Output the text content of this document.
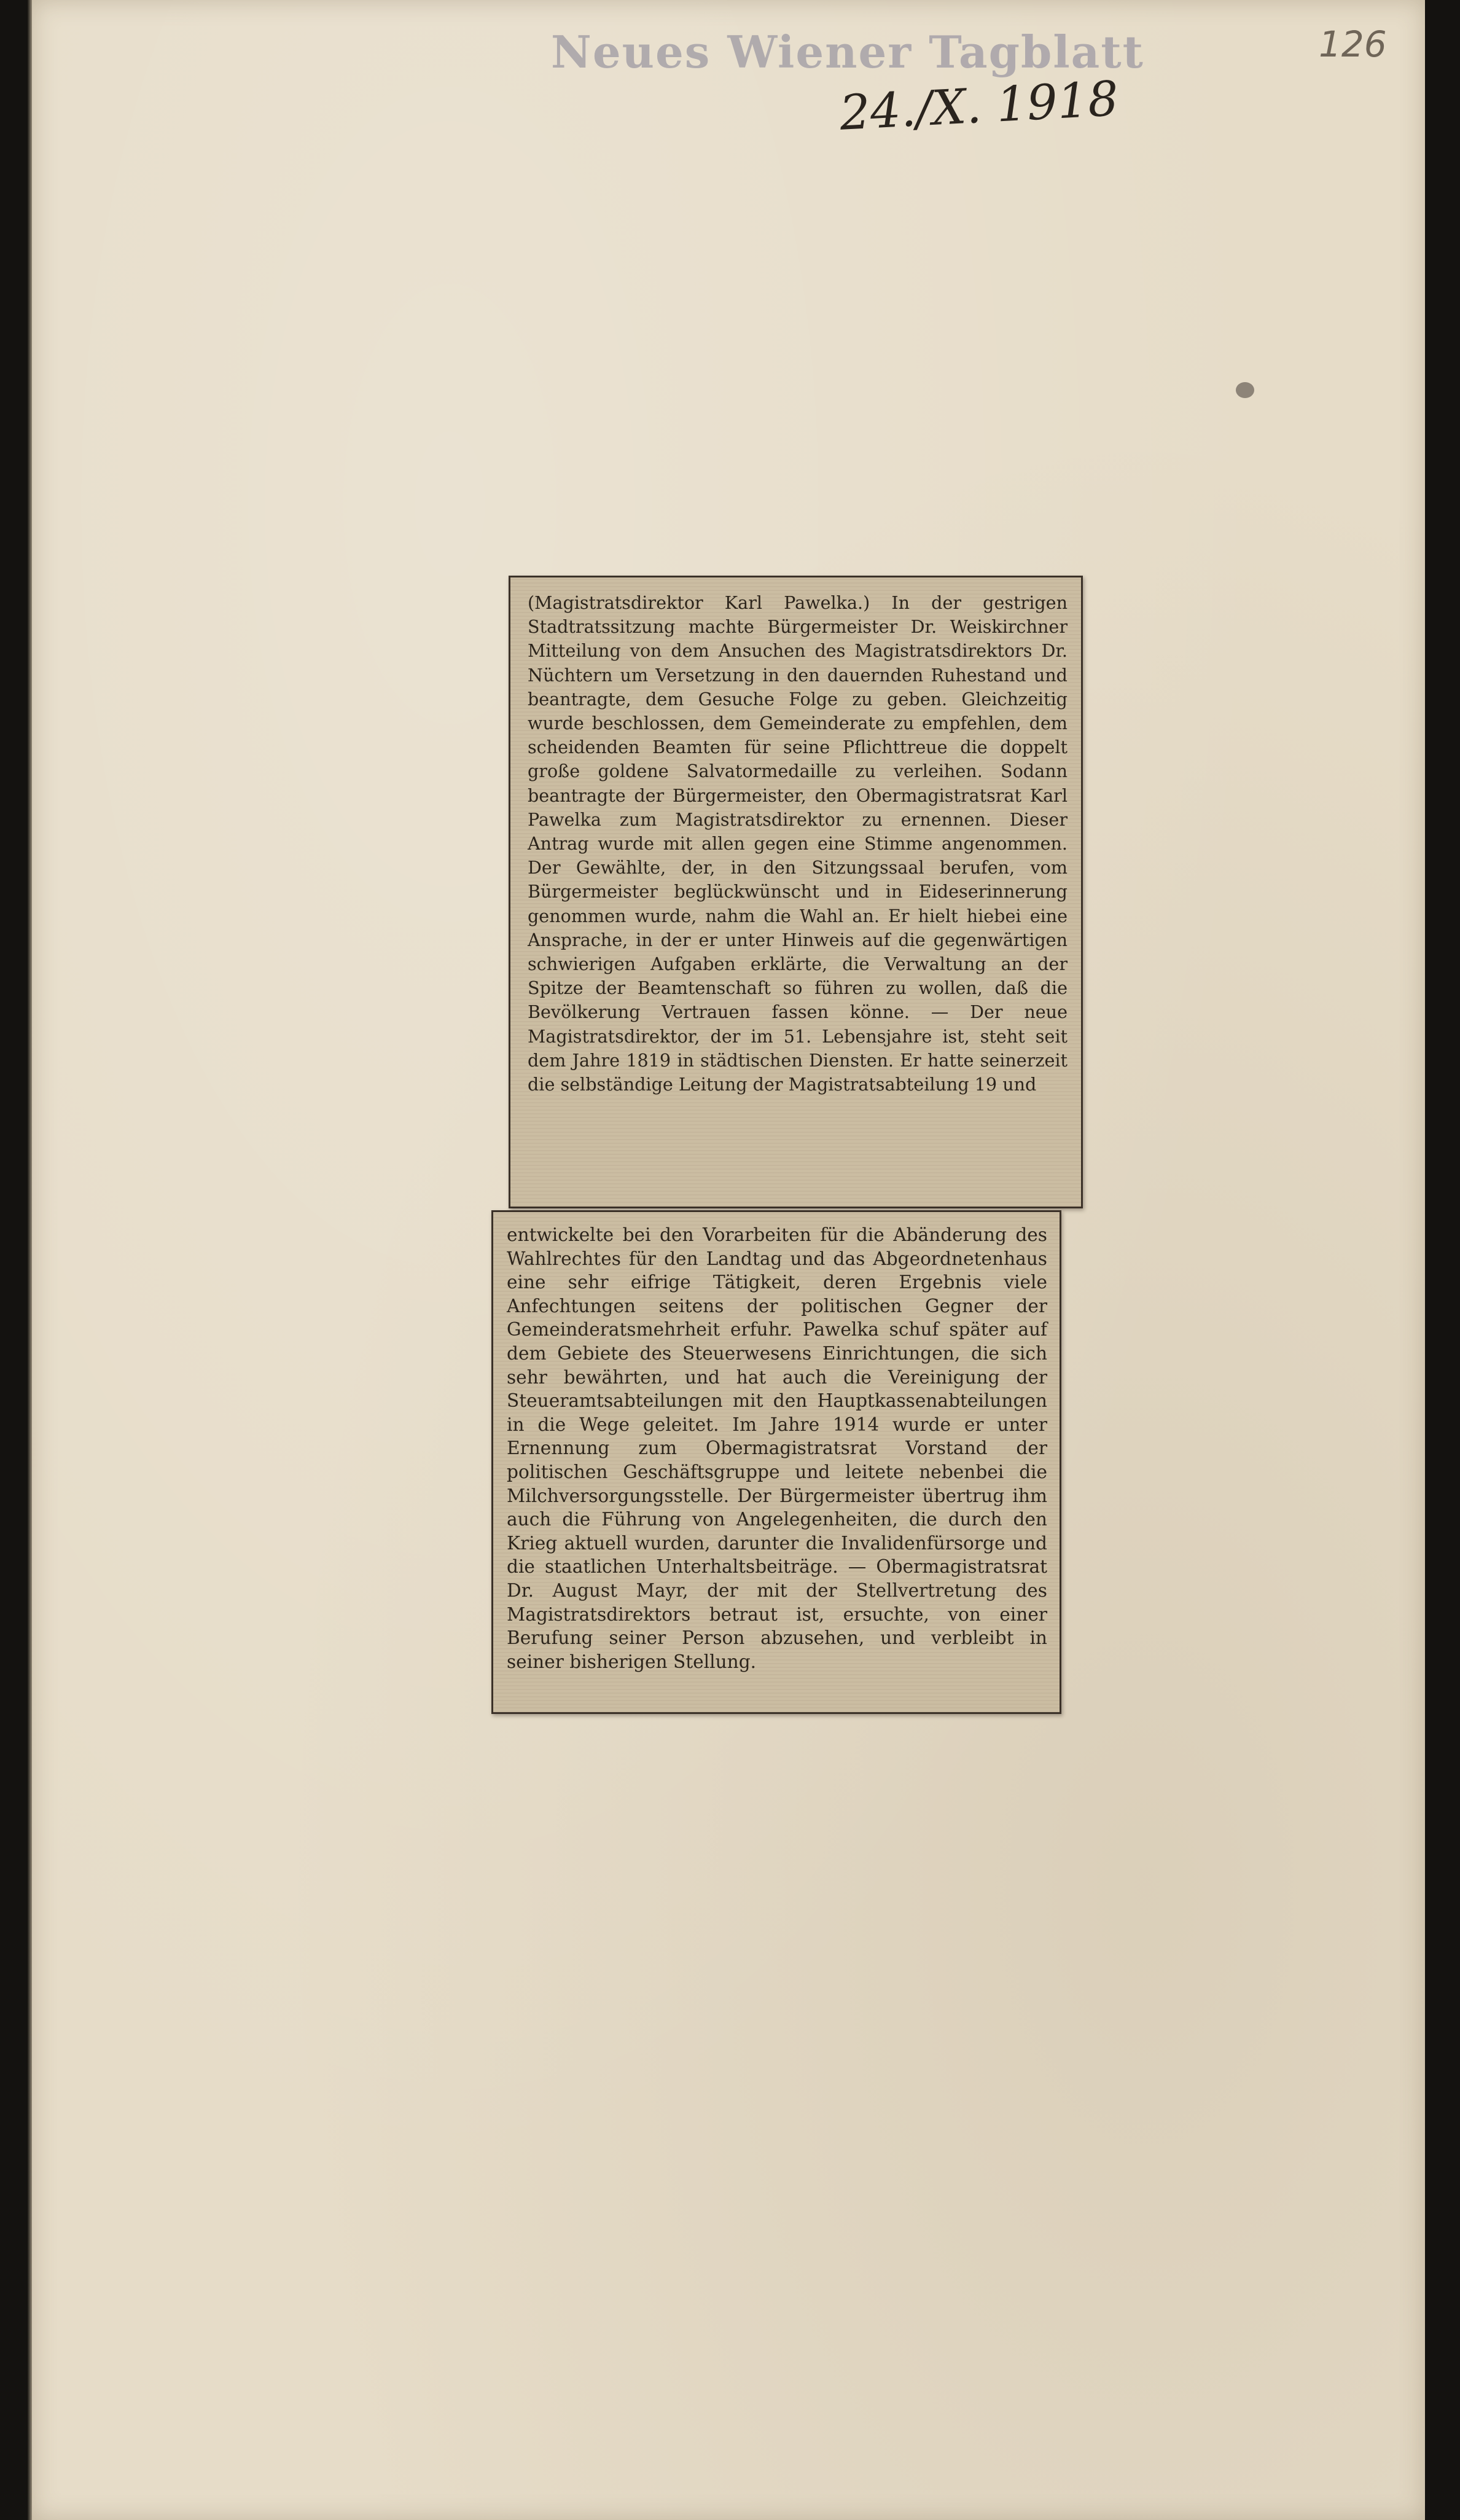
Neues Wiener Tagblatt
24./X. 1918
126

(Magistratsdirektor Karl Pawelka.) In der gestrigen Stadtratssitzung machte Bürgermeister Dr. Weiskirchner Mitteilung von dem Ansuchen des Magistratsdirektors Dr. Nüchtern um Versetzung in den dauernden Ruhestand und beantragte, dem Gesuche Folge zu geben. Gleichzeitig wurde beschlossen, dem Gemeinderate zu empfehlen, dem scheidenden Beamten für seine Pflichttreue die doppelt große goldene Salvatormedaille zu verleihen. Sodann beantragte der Bürgermeister, den Obermagistratsrat Karl Pawelka zum Magistratsdirektor zu ernennen. Dieser Antrag wurde mit allen gegen eine Stimme angenommen. Der Gewählte, der, in den Sitzungssaal berufen, vom Bürgermeister beglückwünscht und in Eideserinnerung genommen wurde, nahm die Wahl an. Er hielt hiebei eine Ansprache, in der er unter Hinweis auf die gegenwärtigen schwierigen Aufgaben erklärte, die Verwaltung an der Spitze der Beamtenschaft so führen zu wollen, daß die Bevölkerung Vertrauen fassen könne. — Der neue Magistratsdirektor, der im 51. Lebensjahre ist, steht seit dem Jahre 1819 in städtischen Diensten. Er hatte seinerzeit die selbständige Leitung der Magistratsabteilung 19 und

entwickelte bei den Vorarbeiten für die Abänderung des Wahlrechtes für den Landtag und das Abgeordnetenhaus eine sehr eifrige Tätigkeit, deren Ergebnis viele Anfechtungen seitens der politischen Gegner der Gemeinderatsmehrheit erfuhr. Pawelka schuf später auf dem Gebiete des Steuerwesens Einrichtungen, die sich sehr bewährten, und hat auch die Vereinigung der Steueramtsabteilungen mit den Hauptkassenabteilungen in die Wege geleitet. Im Jahre 1914 wurde er unter Ernennung zum Obermagistratsrat Vorstand der politischen Geschäftsgruppe und leitete nebenbei die Milchversorgungsstelle. Der Bürgermeister übertrug ihm auch die Führung von Angelegenheiten, die durch den Krieg aktuell wurden, darunter die Invalidenfürsorge und die staatlichen Unterhaltsbeiträge. — Obermagistratsrat Dr. August Mayr, der mit der Stellvertretung des Magistratsdirektors betraut ist, ersuchte, von einer Berufung seiner Person abzusehen, und verbleibt in seiner bisherigen Stellung.
